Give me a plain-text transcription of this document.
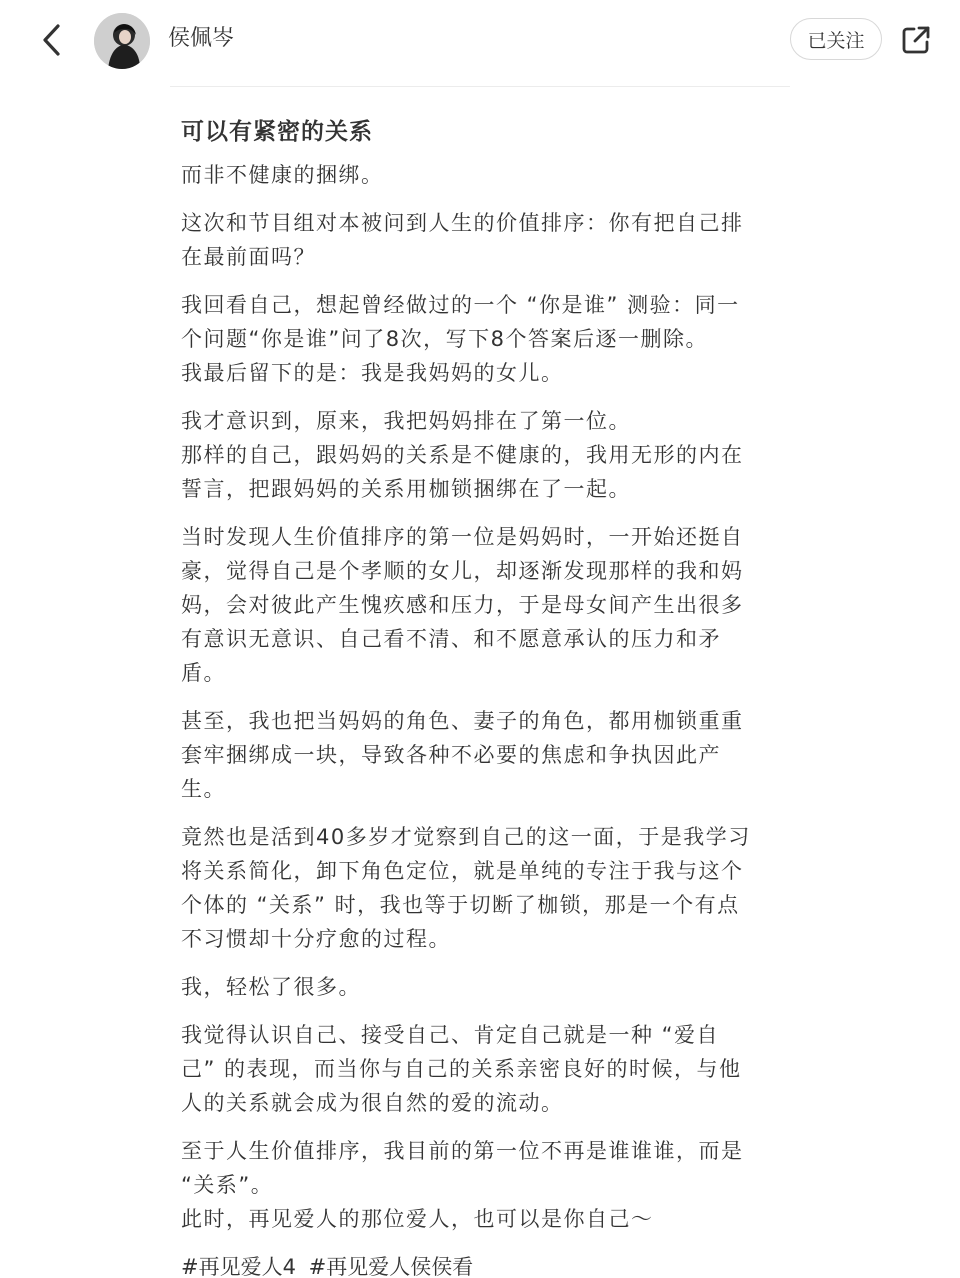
侯佩岑	已关注
可以有紧密的关系
而非不健康的捆绑。
这次和节目组对本被问到人生的价值排序：你有把自己排
在最前面吗？
我回看自己，想起曾经做过的一个 “你是谁” 测验：同一
个问题“你是谁”问了8次，写下8个答案后逐一删除。
我最后留下的是：我是我妈妈的女儿。
我才意识到，原来，我把妈妈排在了第一位。
那样的自己，跟妈妈的关系是不健康的，我用无形的内在
誓言，把跟妈妈的关系用枷锁捆绑在了一起。
当时发现人生价值排序的第一位是妈妈时，一开始还挺自
豪，觉得自己是个孝顺的女儿，却逐渐发现那样的我和妈
妈，会对彼此产生愧疚感和压力，于是母女间产生出很多
有意识无意识、自己看不清、和不愿意承认的压力和矛
盾。
甚至，我也把当妈妈的角色、妻子的角色，都用枷锁重重
套牢捆绑成一块，导致各种不必要的焦虑和争执因此产
生。
竟然也是活到40多岁才觉察到自己的这一面，于是我学习
将关系简化，卸下角色定位，就是单纯的专注于我与这个
个体的 “关系” 时，我也等于切断了枷锁，那是一个有点
不习惯却十分疗愈的过程。
我，轻松了很多。
我觉得认识自己、接受自己、肯定自己就是一种 “爱自
己” 的表现，而当你与自己的关系亲密良好的时候，与他
人的关系就会成为很自然的爱的流动。
至于人生价值排序，我目前的第一位不再是谁谁谁，而是
“关系”。
此时，再见爱人的那位爱人，也可以是你自己～
#再见爱人4 #再见爱人侯侯看
